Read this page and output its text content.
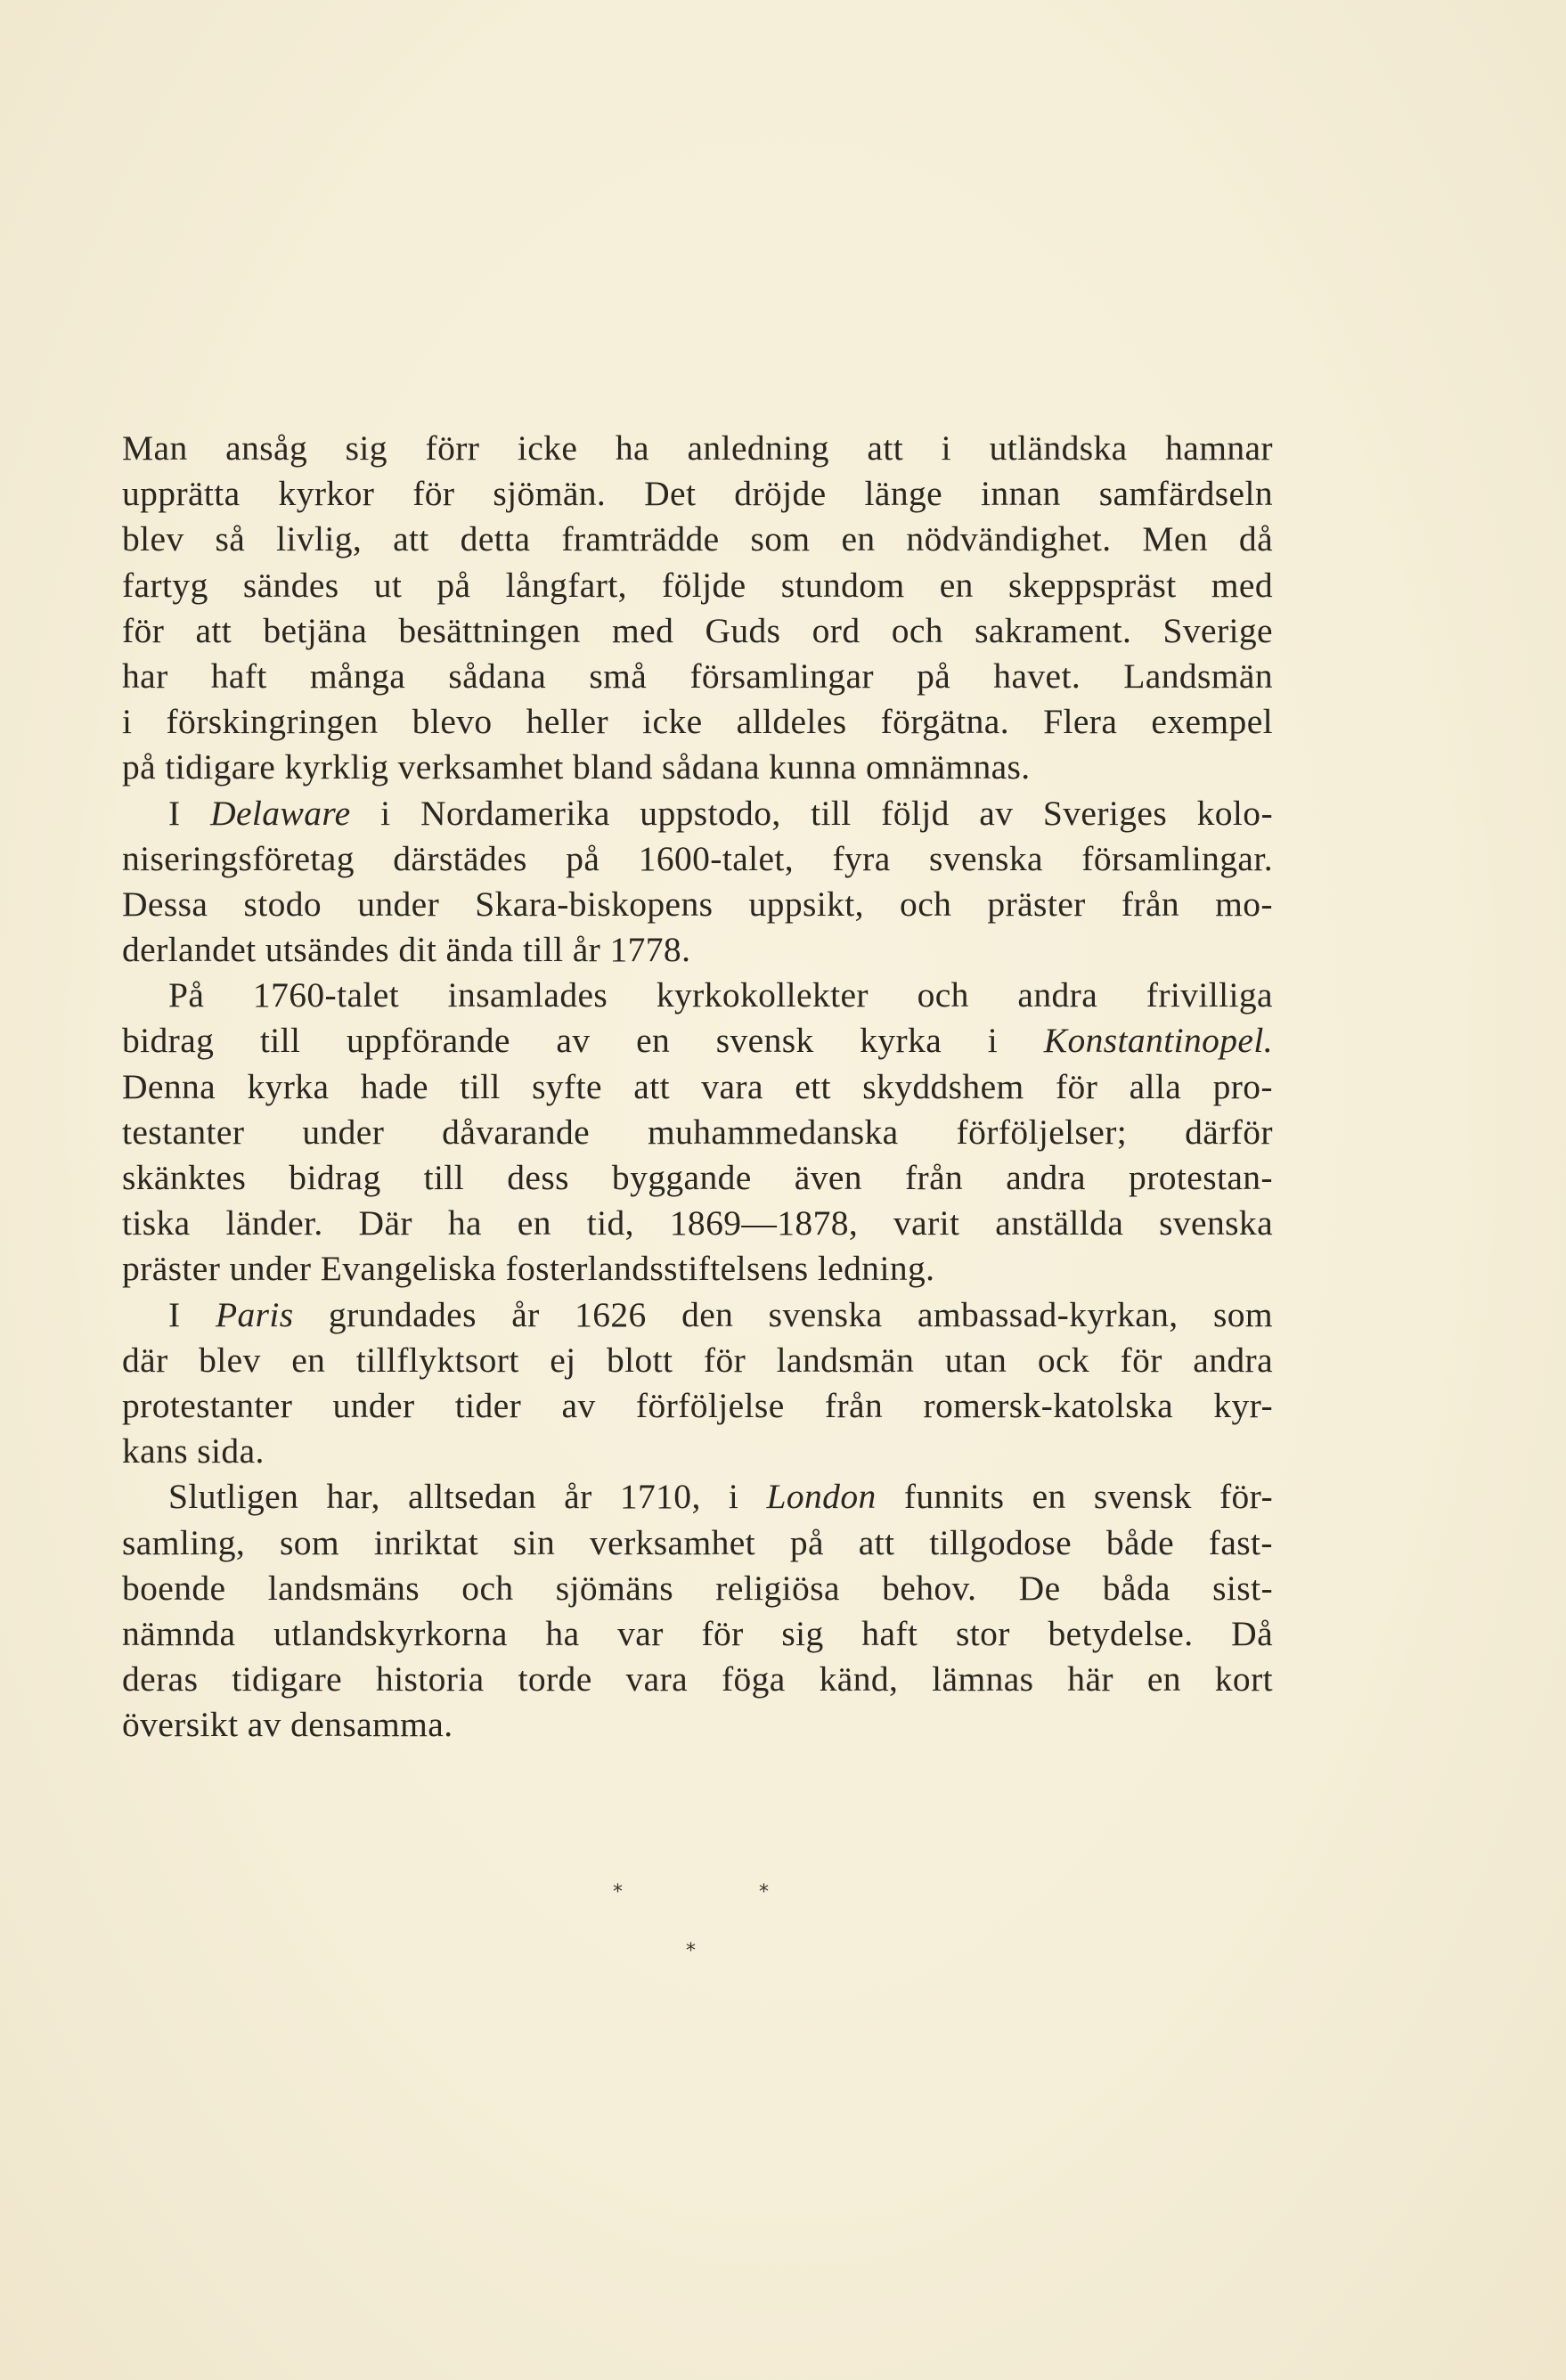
Man ansåg sig förr icke ha anledning att i utländska hamnar
upprätta kyrkor för sjömän. Det dröjde länge innan samfärdseln
blev så livlig, att detta framträdde som en nödvändighet. Men då
fartyg sändes ut på långfart, följde stundom en skeppspräst med
för att betjäna besättningen med Guds ord och sakrament. Sverige
har haft många sådana små församlingar på havet. Landsmän
i förskingringen blevo heller icke alldeles förgätna. Flera exempel
på tidigare kyrklig verksamhet bland sådana kunna omnämnas.
I Delaware i Nordamerika uppstodo, till följd av Sveriges kolo-
niseringsföretag därstädes på 1600-talet, fyra svenska församlingar.
Dessa stodo under Skara-biskopens uppsikt, och präster från mo-
derlandet utsändes dit ända till år 1778.
På 1760-talet insamlades kyrkokollekter och andra frivilliga
bidrag till uppförande av en svensk kyrka i Konstantinopel.
Denna kyrka hade till syfte att vara ett skyddshem för alla pro-
testanter under dåvarande muhammedanska förföljelser; därför
skänktes bidrag till dess byggande även från andra protestan-
tiska länder. Där ha en tid, 1869—1878, varit anställda svenska
präster under Evangeliska fosterlandsstiftelsens ledning.
I Paris grundades år 1626 den svenska ambassad-kyrkan, som
där blev en tillflyktsort ej blott för landsmän utan ock för andra
protestanter under tider av förföljelse från romersk-katolska kyr-
kans sida.
Slutligen har, alltsedan år 1710, i London funnits en svensk för-
samling, som inriktat sin verksamhet på att tillgodose både fast-
boende landsmäns och sjömäns religiösa behov. De båda sist-
nämnda utlandskyrkorna ha var för sig haft stor betydelse. Då
deras tidigare historia torde vara föga känd, lämnas här en kort
översikt av densamma.
*	*
*
